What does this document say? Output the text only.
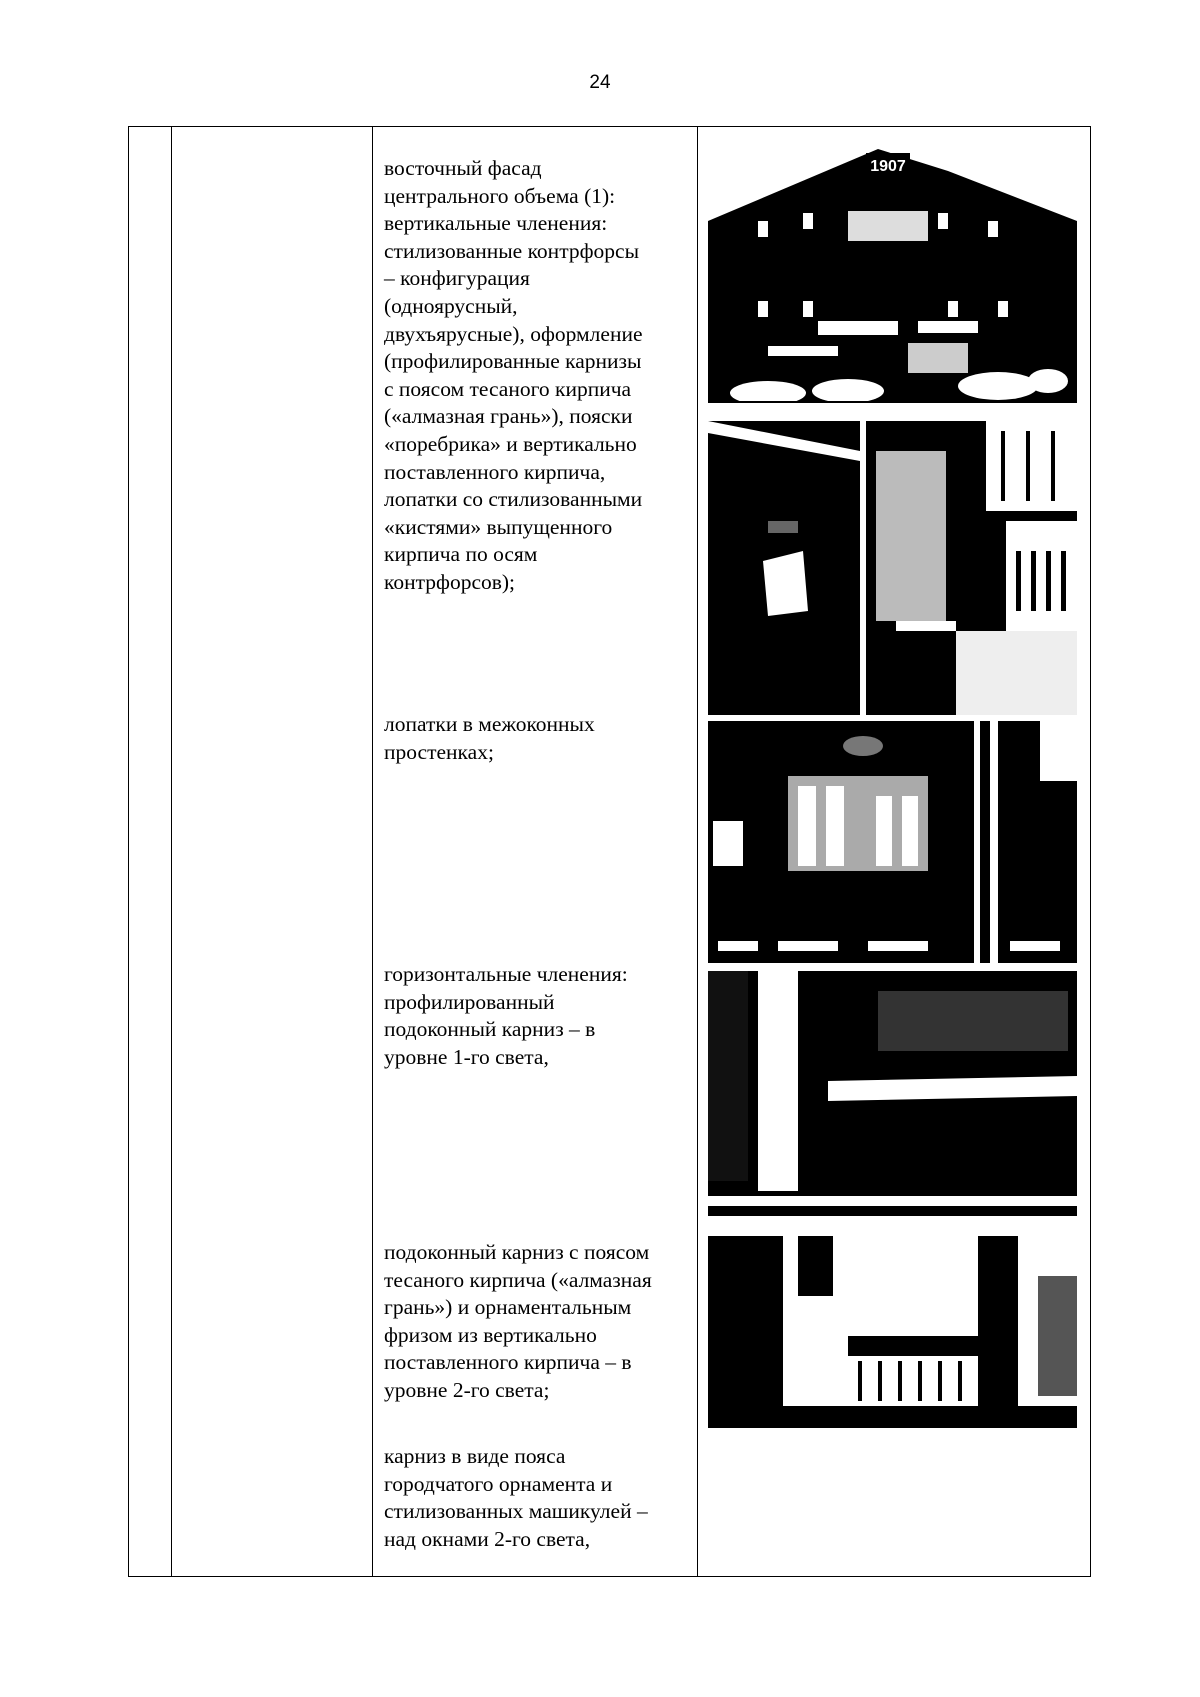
24
восточный фасад
центрального объема (1):
вертикальные членения:
стилизованные контрфорсы
– конфигурация
(одноярусный,
двухъярусные), оформление
(профилированные карнизы
с поясом тесаного кирпича
(«алмазная грань»), пояски
«поребрика» и вертикально
поставленного кирпича,
лопатки со стилизованными
«кистями» выпущенного
кирпича по осям
контрфорсов);
лопатки в межоконных
простенках;
горизонтальные членения:
профилированный
подоконный карниз – в
уровне 1-го света,
подоконный карниз с поясом
тесаного кирпича («алмазная
грань») и орнаментальным
фризом из вертикально
поставленного кирпича – в
уровне 2-го света;
карниз в виде пояса
городчатого орнамента и
стилизованных машикулей –
над окнами 2-го света,
1907
